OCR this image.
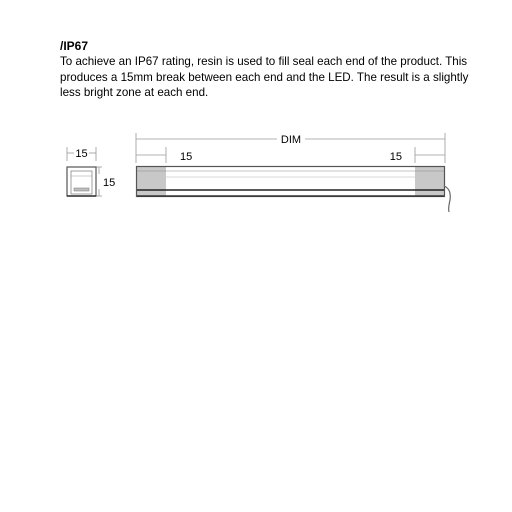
/IP67
To achieve an IP67 rating, resin is used to fill seal each end of the product. This
produces a 15mm break between each end and the LED. The result is a slightly
less bright zone at each end.
15
15
DIM
15	15
